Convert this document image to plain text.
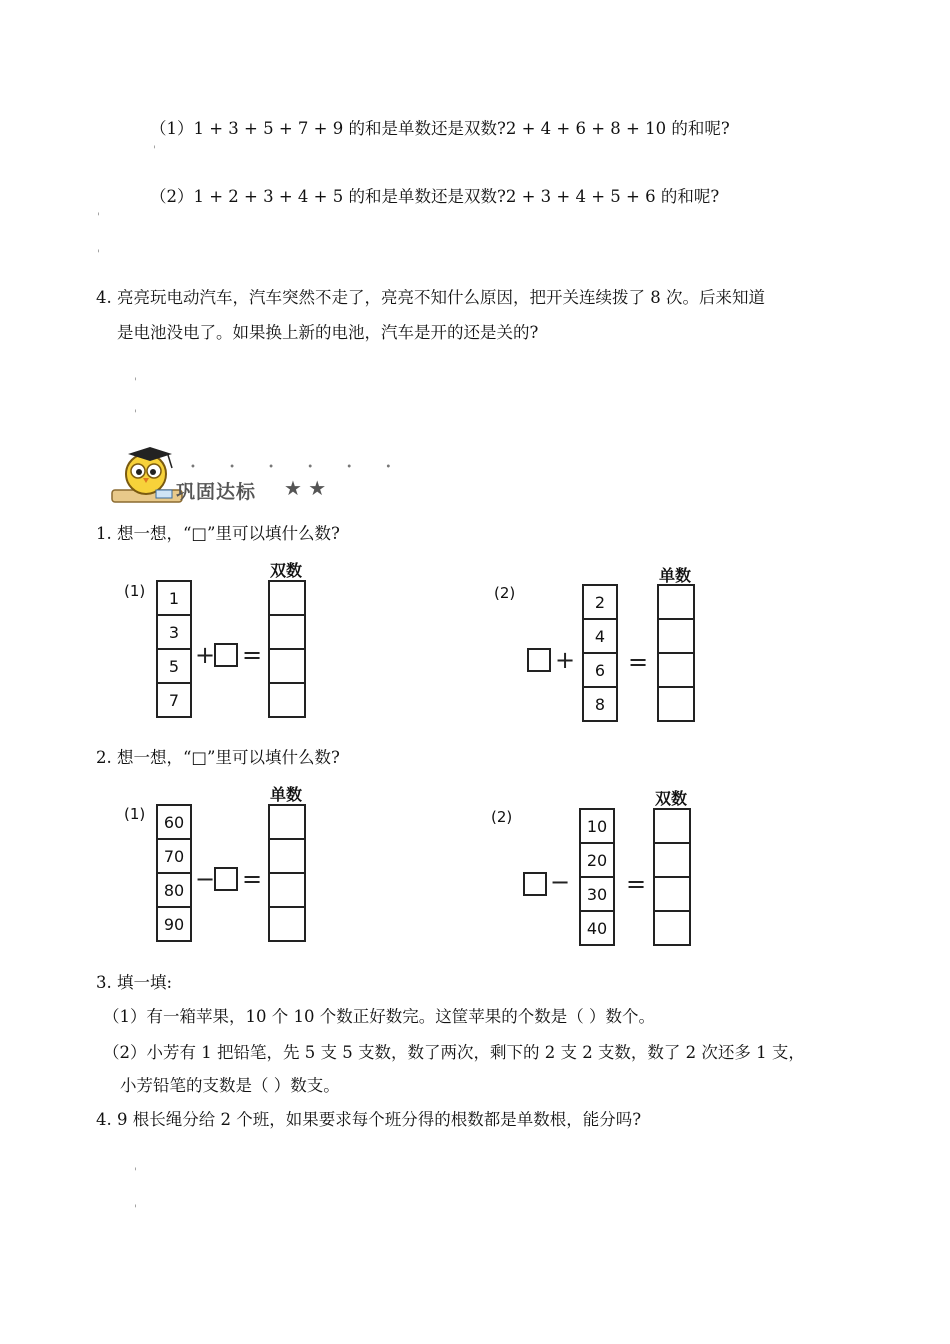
（1）1 + 3 + 5 + 7 + 9 的和是单数还是双数?2 + 4 + 6 + 8 + 10 的和呢?
'
（2）1 + 2 + 3 + 4 + 5 的和是单数还是双数?2 + 3 + 4 + 5 + 6 的和呢?
'
'
4. 亮亮玩电动汽车，汽车突然不走了，亮亮不知什么原因，把开关连续拨了 8 次。后来知道
是电池没电了。如果换上新的电池，汽车是开的还是关的?
'
'
• • • • • •
巩固达标 ★ ★
1. 想一想，“□”里可以填什么数?
(1)	1
3
5
7
+ =
双数
(2)
+
2
4
6
8
=
单数
2. 想一想，“□”里可以填什么数?
(1)	60
70
80
90
− =
单数
(2)
−
10
20
30
40
=
双数
3. 填一填:
（1）有一箱苹果，10 个 10 个数正好数完。这筐苹果的个数是（ ）数个。
（2）小芳有 1 把铅笔，先 5 支 5 支数，数了两次，剩下的 2 支 2 支数，数了 2 次还多 1 支，
小芳铅笔的支数是（ ）数支。
4. 9 根长绳分给 2 个班，如果要求每个班分得的根数都是单数根，能分吗?
'
'
